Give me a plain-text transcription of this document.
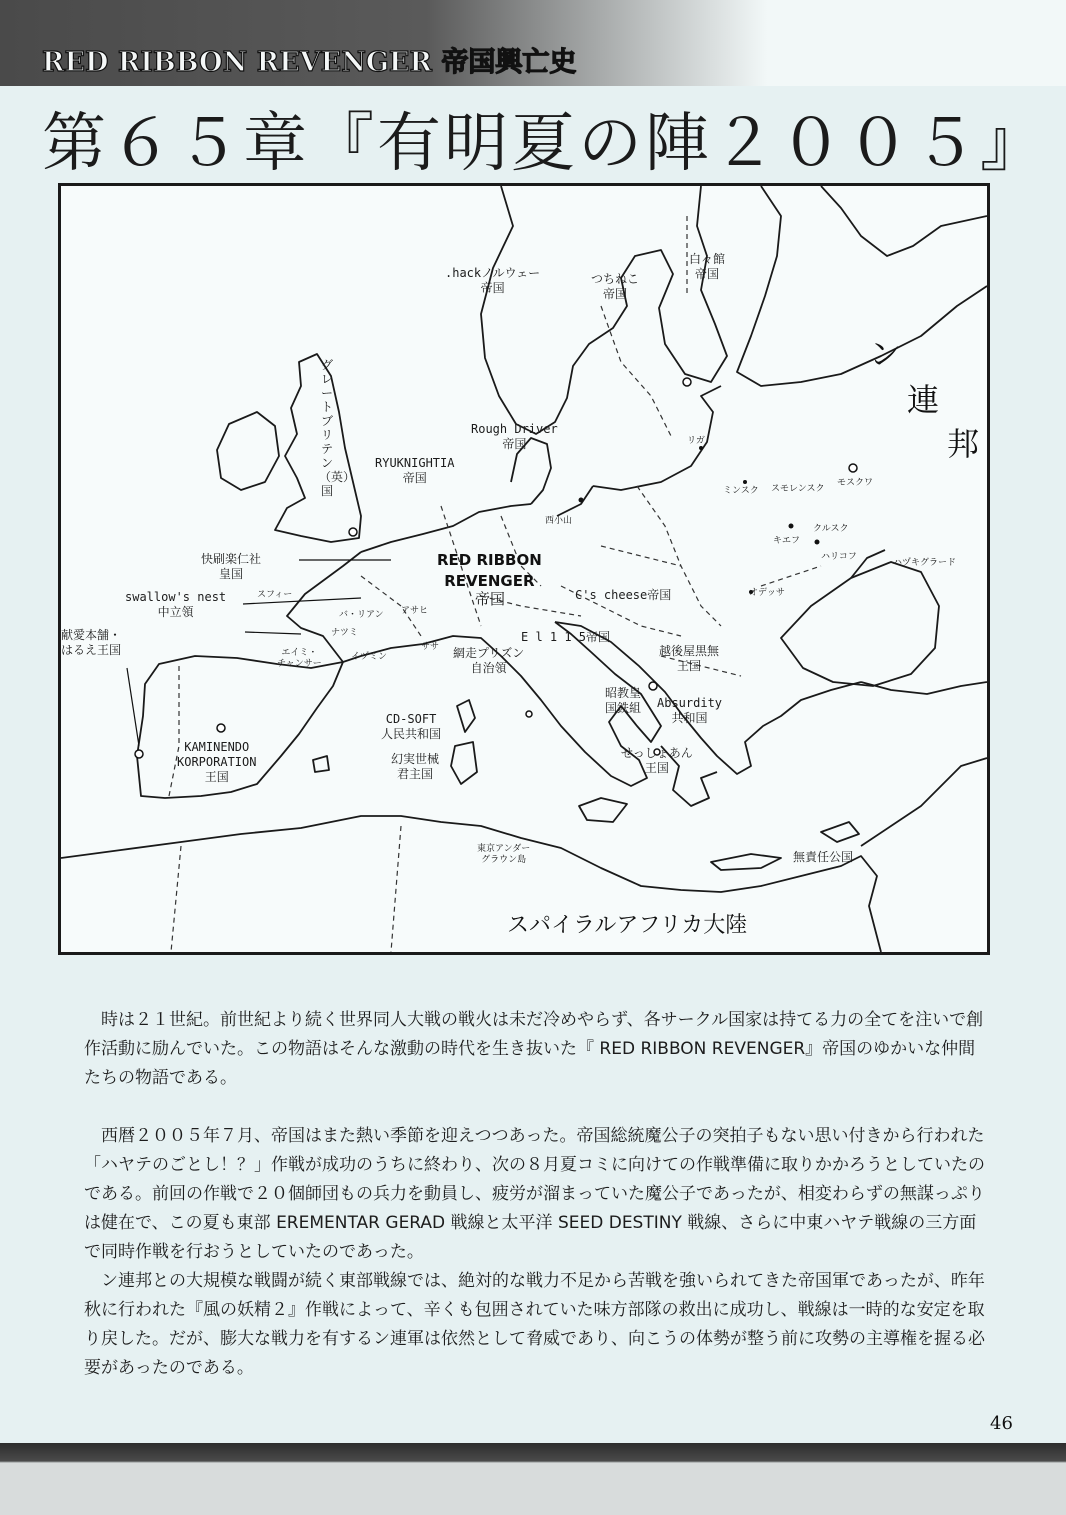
RED RIBBON REVENGER 帝国興亡史
第６５章『有明夏の陣２００５』
.hackノルウェー
帝国
つちねこ
帝国
白々館
帝国
Rough Driver
帝国
RYUKNIGHTIA
帝国
グレートブリテン（英）国
快刷楽仁社
皇国
swallow's nest
中立領
献愛本舗・
はるえ王国
RED RIBBON
REVENGER
帝国	C's cheese帝国
E l 1 1 5帝国
網走プリズン
自治領
越後屋黒無
王国
昭教皇
国鉄組 Absurdity
共和国
せっしょあん
王国
CD-SOFT
人民共和国
幻実世械
君主国
KAMINENDO
KORPORATION
王国
東京アンダー
グラウン島	無責任公国
スパイラルアフリカ大陸
ン
連
邦
リガ
ミンスク スモレンスク
モスクワ
クルスク
キエフ
ハリコフ
ハヅキグラード
オデッサ
西小山
スフィー
バ・リアン アサヒ
ナツミ
イヅミン
ササ
エイミ・
チャンサー

時は２１世紀。前世紀より続く世界同人大戦の戦火は未だ冷めやらず、各サークル国家は持てる力の全てを注いで創作活動に励んでいた。この物語はそんな激動の時代を生き抜いた『 RED RIBBON REVENGER』帝国のゆかいな仲間たちの物語である。

西暦２００５年７月、帝国はまた熱い季節を迎えつつあった。帝国総統魔公子の突拍子もない思い付きから行われた「ハヤテのごとし！？」作戦が成功のうちに終わり、次の８月夏コミに向けての作戦準備に取りかかろうとしていたのである。前回の作戦で２０個師団もの兵力を動員し、疲労が溜まっていた魔公子であったが、相変わらずの無謀っぷりは健在で、この夏も東部 EREMENTAR GERAD 戦線と太平洋 SEED DESTINY 戦線、さらに中東ハヤテ戦線の三方面で同時作戦を行おうとしていたのであった。

ン連邦との大規模な戦闘が続く東部戦線では、絶対的な戦力不足から苦戦を強いられてきた帝国軍であったが、昨年秋に行われた『風の妖精２』作戦によって、辛くも包囲されていた味方部隊の救出に成功し、戦線は一時的な安定を取り戻した。だが、膨大な戦力を有するン連軍は依然として脅威であり、向こうの体勢が整う前に攻勢の主導権を握る必要があったのである。

46
